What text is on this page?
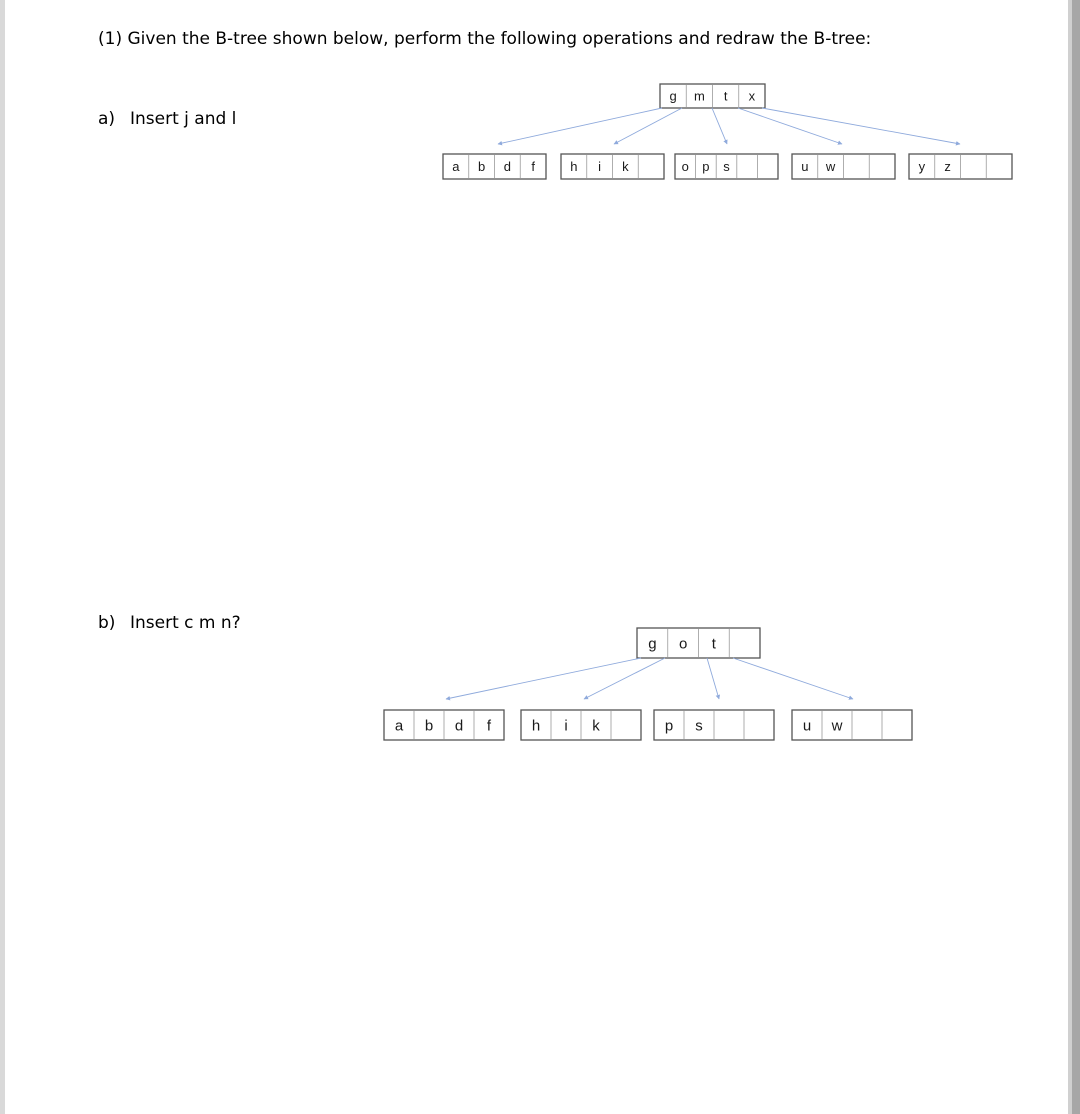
(1) Given the B-tree shown below, perform the following operations and redraw the B-tree:
a) Insert j and l
b) Insert c m n?
g m t x
a b d f	h i k	o p s	u w	y z
g o t
a b d f	h i k	p s	u w
